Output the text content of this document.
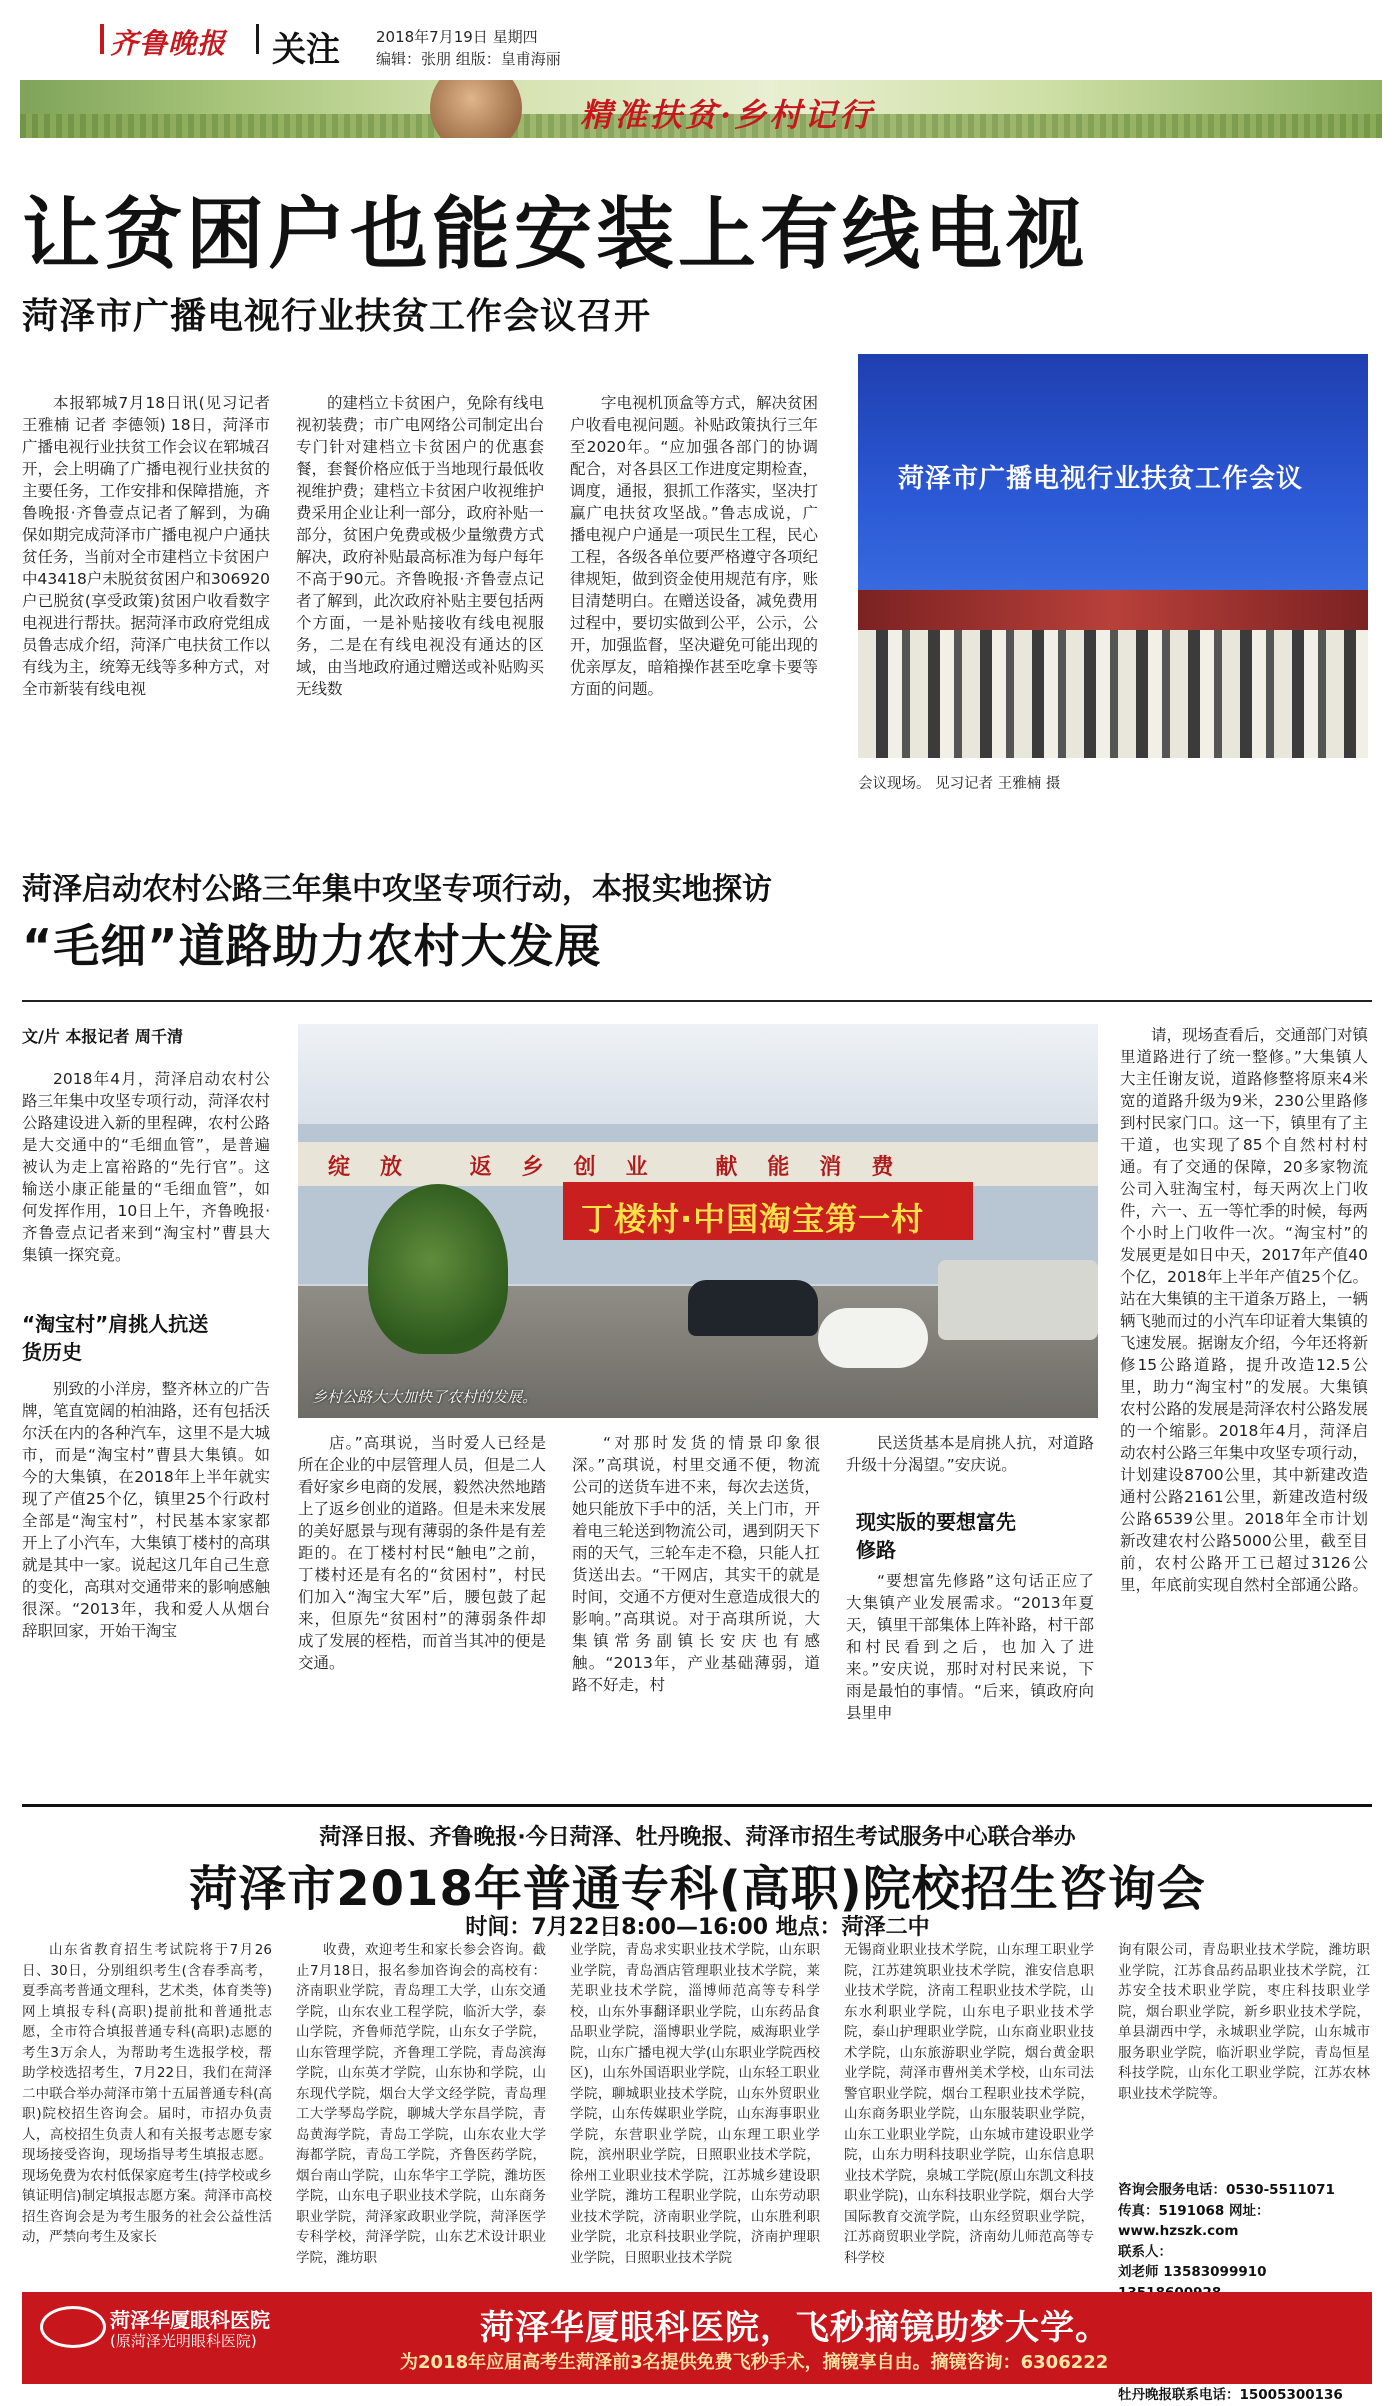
齐鲁晚报 关注 2018年7月19日 星期四
编辑：张朋 组版：皇甫海丽
精准扶贫·乡村记行
让贫困户也能安装上有线电视
菏泽市广播电视行业扶贫工作会议召开

本报郓城7月18日讯(见习记者 王雅楠 记者 李德领) 18日，菏泽市广播电视行业扶贫工作会议在郓城召开，会上明确了广播电视行业扶贫的主要任务，工作安排和保障措施，齐鲁晚报·齐鲁壹点记者了解到，为确保如期完成菏泽市广播电视户户通扶贫任务，当前对全市建档立卡贫困户中43418户未脱贫贫困户和306920户已脱贫(享受政策)贫困户收看数字电视进行帮扶。据菏泽市政府党组成员鲁志成介绍，菏泽广电扶贫工作以有线为主，统筹无线等多种方式，对全市新装有线电视

的建档立卡贫困户，免除有线电视初装费；市广电网络公司制定出台专门针对建档立卡贫困户的优惠套餐，套餐价格应低于当地现行最低收视维护费；建档立卡贫困户收视维护费采用企业让利一部分，政府补贴一部分，贫困户免费或极少量缴费方式解决，政府补贴最高标准为每户每年不高于90元。齐鲁晚报·齐鲁壹点记者了解到，此次政府补贴主要包括两个方面，一是补贴接收有线电视服务，二是在有线电视没有通达的区域，由当地政府通过赠送或补贴购买无线数

字电视机顶盒等方式，解决贫困户收看电视问题。补贴政策执行三年至2020年。“应加强各部门的协调配合，对各县区工作进度定期检查，调度，通报，狠抓工作落实，坚决打赢广电扶贫攻坚战。”鲁志成说，广播电视户户通是一项民生工程，民心工程，各级各单位要严格遵守各项纪律规矩，做到资金使用规范有序，账目清楚明白。在赠送设备，减免费用过程中，要切实做到公平，公示，公开，加强监督，坚决避免可能出现的优亲厚友，暗箱操作甚至吃拿卡要等方面的问题。

菏泽市广播电视行业扶贫工作会议
会议现场。 见习记者 王雅楠 摄
菏泽启动农村公路三年集中攻坚专项行动，本报实地探访
“毛细”道路助力农村大发展
文/片 本报记者 周千清
绽放 返乡创业 献能消费
丁楼村·中国淘宝第一村
乡村公路大大加快了农村的发展。

2018年4月，菏泽启动农村公路三年集中攻坚专项行动，菏泽农村公路建设进入新的里程碑，农村公路是大交通中的“毛细血管”，是普遍被认为走上富裕路的“先行官”。这输送小康正能量的“毛细血管”，如何发挥作用，10日上午，齐鲁晚报·齐鲁壹点记者来到“淘宝村”曹县大集镇一探究竟。

“淘宝村”肩挑人抗送货历史

别致的小洋房，整齐林立的广告牌，笔直宽阔的柏油路，还有包括沃尔沃在内的各种汽车，这里不是大城市，而是“淘宝村”曹县大集镇。如今的大集镇，在2018年上半年就实现了产值25个亿，镇里25个行政村全部是“淘宝村”，村民基本家家都开上了小汽车，大集镇丁楼村的高琪就是其中一家。说起这几年自己生意的变化，高琪对交通带来的影响感触很深。“2013年，我和爱人从烟台辞职回家，开始干淘宝

店。”高琪说，当时爱人已经是所在企业的中层管理人员，但是二人看好家乡电商的发展，毅然决然地踏上了返乡创业的道路。但是未来发展的美好愿景与现有薄弱的条件是有差距的。在丁楼村村民“触电”之前，丁楼村还是有名的“贫困村”，村民们加入“淘宝大军”后，腰包鼓了起来，但原先“贫困村”的薄弱条件却成了发展的桎梏，而首当其冲的便是交通。

“对那时发货的情景印象很深。”高琪说，村里交通不便，物流公司的送货车进不来，每次去送货，她只能放下手中的活，关上门市，开着电三轮送到物流公司，遇到阴天下雨的天气，三轮车走不稳，只能人扛货送出去。“干网店，其实干的就是时间，交通不方便对生意造成很大的影响。”高琪说。对于高琪所说，大集镇常务副镇长安庆也有感触。“2013年，产业基础薄弱，道路不好走，村

民送货基本是肩挑人抗，对道路升级十分渴望。”安庆说。

现实版的要想富先修路

“要想富先修路”这句话正应了大集镇产业发展需求。“2013年夏天，镇里干部集体上阵补路，村干部和村民看到之后，也加入了进来。”安庆说，那时对村民来说，下雨是最怕的事情。“后来，镇政府向县里申

请，现场查看后，交通部门对镇里道路进行了统一整修。”大集镇人大主任谢友说，道路修整将原来4米宽的道路升级为9米，230公里路修到村民家门口。这一下，镇里有了主干道，也实现了85个自然村村村通。有了交通的保障，20多家物流公司入驻淘宝村，每天两次上门收件，六一、五一等忙季的时候，每两个小时上门收件一次。“淘宝村”的发展更是如日中天，2017年产值40个亿，2018年上半年产值25个亿。站在大集镇的主干道条万路上，一辆辆飞驰而过的小汽车印证着大集镇的飞速发展。据谢友介绍，今年还将新修15公路道路，提升改造12.5公里，助力“淘宝村”的发展。大集镇农村公路的发展是菏泽农村公路发展的一个缩影。2018年4月，菏泽启动农村公路三年集中攻坚专项行动，计划建设8700公里，其中新建改造通村公路2161公里，新建改造村级公路6539公里。2018年全市计划新改建农村公路5000公里，截至目前，农村公路开工已超过3126公里，年底前实现自然村全部通公路。

菏泽日报、齐鲁晚报·今日菏泽、牡丹晚报、菏泽市招生考试服务中心联合举办
菏泽市2018年普通专科(高职)院校招生咨询会
时间：7月22日8:00—16:00 地点：菏泽二中

山东省教育招生考试院将于7月26日、30日，分别组织考生(含春季高考，夏季高考普通文理科，艺术类，体育类等)网上填报专科(高职)提前批和普通批志愿，全市符合填报普通专科(高职)志愿的考生3万余人，为帮助考生选报学校，帮助学校选招考生，7月22日，我们在菏泽二中联合举办菏泽市第十五届普通专科(高职)院校招生咨询会。届时，市招办负责人，高校招生负责人和有关报考志愿专家现场接受咨询，现场指导考生填报志愿。现场免费为农村低保家庭考生(持学校或乡镇证明信)制定填报志愿方案。菏泽市高校招生咨询会是为考生服务的社会公益性活动，严禁向考生及家长

收费，欢迎考生和家长参会咨询。截止7月18日，报名参加咨询会的高校有：济南职业学院，青岛理工大学，山东交通学院，山东农业工程学院，临沂大学，泰山学院，齐鲁师范学院，山东女子学院，山东管理学院，齐鲁理工学院，青岛滨海学院，山东英才学院，山东协和学院，山东现代学院，烟台大学文经学院，青岛理工大学琴岛学院，聊城大学东昌学院，青岛黄海学院，青岛工学院，山东农业大学海都学院，青岛工学院，齐鲁医药学院，烟台南山学院，山东华宇工学院，潍坊医学院，山东电子职业技术学院，山东商务职业学院，菏泽家政职业学院，菏泽医学专科学校，菏泽学院，山东艺术设计职业学院，潍坊职

业学院，青岛求实职业技术学院，山东职业学院，青岛酒店管理职业技术学院，莱芜职业技术学院，淄博师范高等专科学校，山东外事翻译职业学院，山东药品食品职业学院，淄博职业学院，威海职业学院，山东广播电视大学(山东职业学院西校区)，山东外国语职业学院，山东轻工职业学院，聊城职业技术学院，山东外贸职业学院，山东传媒职业学院，山东海事职业学院，东营职业学院，山东理工职业学院，滨州职业学院，日照职业技术学院，徐州工业职业技术学院，江苏城乡建设职业学院，潍坊工程职业学院，山东劳动职业技术学院，济南职业学院，山东胜利职业学院，北京科技职业学院，济南护理职业学院，日照职业技术学院

无锡商业职业技术学院，山东理工职业学院，江苏建筑职业技术学院，淮安信息职业技术学院，济南工程职业技术学院，山东水利职业学院，山东电子职业技术学院，泰山护理职业学院，山东商业职业技术学院，山东旅游职业学院，烟台黄金职业学院，菏泽市曹州美术学校，山东司法警官职业学院，烟台工程职业技术学院，山东商务职业学院，山东服装职业学院，山东工业职业学院，山东城市建设职业学院，山东力明科技职业学院，山东信息职业技术学院，泉城工学院(原山东凯文科技职业学院)，山东科技职业学院，烟台大学国际教育交流学院，山东经贸职业学院，江苏商贸职业学院，济南幼儿师范高等专科学校

询有限公司，青岛职业技术学院，潍坊职业学院，江苏食品药品职业技术学院，江苏安全技术职业学院，枣庄科技职业学院，烟台职业学院，新乡职业技术学院，单县湖西中学，永城职业学院，山东城市服务职业学院，临沂职业学院，青岛恒星科技学院，山东化工职业学院，江苏农林职业技术学院等。

咨询会服务电话：0530-5511071
传真：5191068 网址：www.hzszk.com
联系人：
刘老师 13583099910
牡丹晚报联系电话：15005300136
菏泽华厦眼科医院
(原菏泽光明眼科医院)	菏泽华厦眼科医院，飞秒摘镜助梦大学。
为2018年应届高考生菏泽前3名提供免费飞秒手术，摘镜享自由。摘镜咨询：6306222
